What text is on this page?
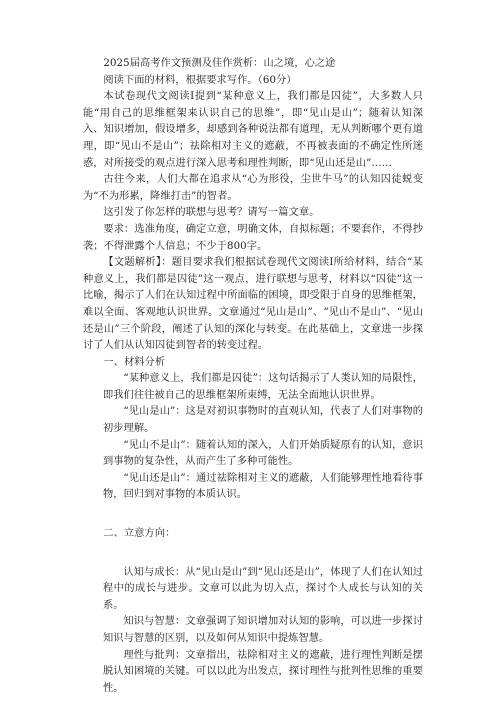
2025届高考作文预测及佳作赏析：山之境，心之途

阅读下面的材料，根据要求写作。（60分）

本试卷现代文阅读Ⅰ提到“某种意义上，我们都是囚徒”，大多数人只能“用自己的思维框架来认识自己的思维”，即“见山是山”；随着认知深入、知识增加，假设增多，却感到各种说法都有道理，无从判断哪个更有道理，即“见山不是山”；祛除相对主义的遮蔽，不再被表面的不确定性所迷惑，对所接受的观点进行深入思考和理性判断，即“见山还是山”……

古往今来，人们大都在追求从“心为形役，尘世牛马”的认知囚徒蜕变为“不为形累，降维打击”的智者。

这引发了你怎样的联想与思考？请写一篇文章。

要求：选准角度，确定立意，明确文体，自拟标题；不要套作，不得抄袭；不得泄露个人信息；不少于800字。

【文题解析】：题目要求我们根据试卷现代文阅读Ⅰ所给材料，结合“某种意义上，我们都是囚徒”这一观点，进行联想与思考，材料以“囚徒”这一比喻，揭示了人们在认知过程中所面临的困境，即受限于自身的思维框架，难以全面、客观地认识世界。文章通过“见山是山”、“见山不是山”、“见山还是山”三个阶段，阐述了认知的深化与转变。在此基础上，文章进一步探讨了人们从认知囚徒到智者的转变过程。

一、材料分析

“某种意义上，我们都是囚徒”：这句话揭示了人类认知的局限性，即我们往往被自己的思维框架所束缚，无法全面地认识世界。

“见山是山”：这是对初识事物时的直观认知，代表了人们对事物的初步理解。

“见山不是山”：随着认知的深入，人们开始质疑原有的认知，意识到事物的复杂性，从而产生了多种可能性。

“见山还是山”：通过祛除相对主义的遮蔽，人们能够理性地看待事物，回归到对事物的本质认识。

二、立意方向：

认知与成长：从“见山是山”到“见山还是山”，体现了人们在认知过程中的成长与进步。文章可以此为切入点，探讨个人成长与认知的关系。

知识与智慧：文章强调了知识增加对认知的影响，可以进一步探讨知识与智慧的区别，以及如何从知识中提炼智慧。

理性与批判：文章指出，祛除相对主义的遮蔽，进行理性判断是摆脱认知困境的关键。可以以此为出发点，探讨理性与批判性思维的重要性。
